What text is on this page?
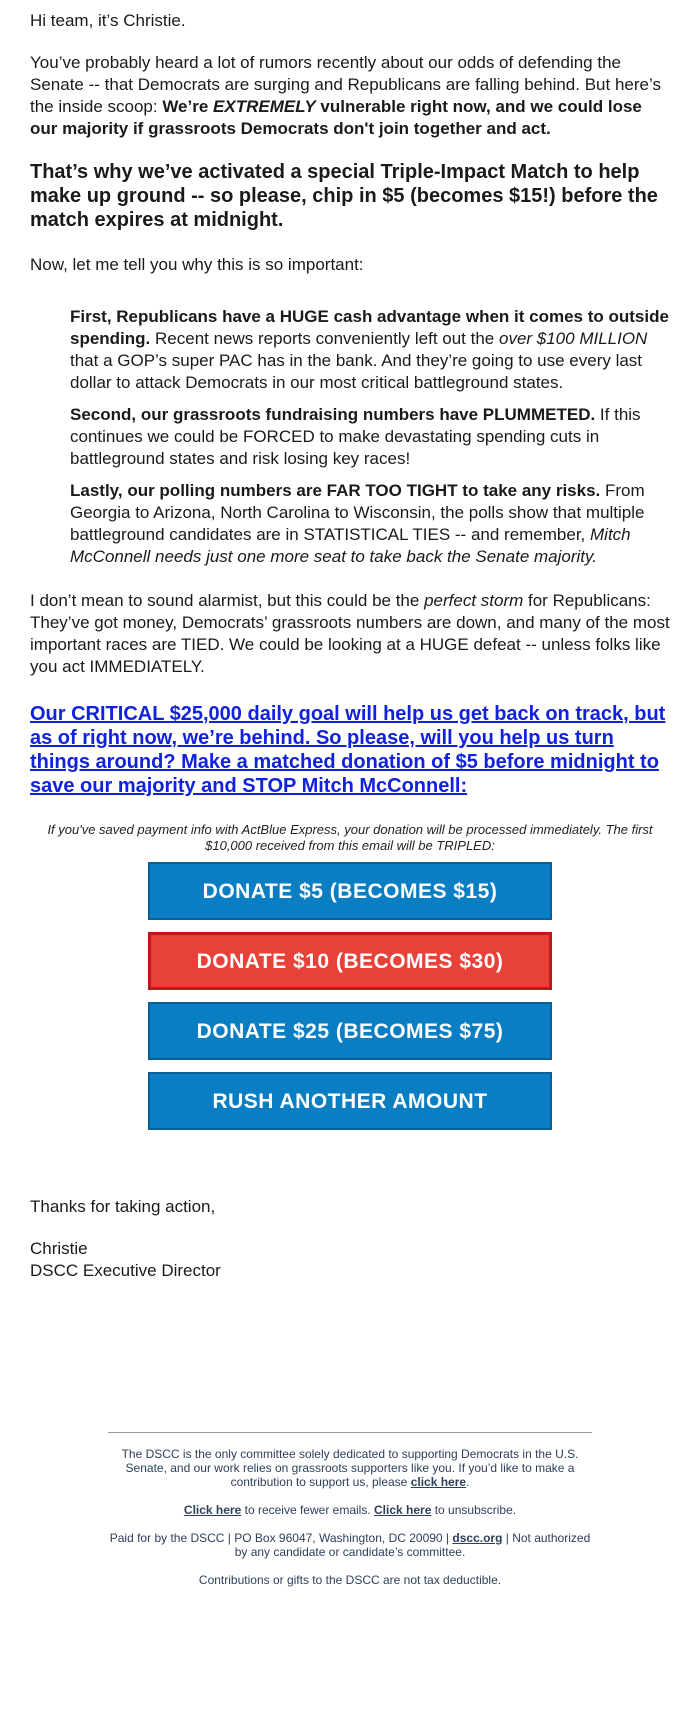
Hi team, it’s Christie.

You’ve probably heard a lot of rumors recently about our odds of defending the Senate -- that Democrats are surging and Republicans are falling behind. But here’s the inside scoop: We’re EXTREMELY vulnerable right now, and we could lose our majority if grassroots Democrats don't join together and act.

That’s why we’ve activated a special Triple-Impact Match to help make up ground -- so please, chip in $5 (becomes $15!) before the match expires at midnight.

Now, let me tell you why this is so important:

First, Republicans have a HUGE cash advantage when it comes to outside spending. Recent news reports conveniently left out the over $100 MILLION that a GOP’s super PAC has in the bank. And they’re going to use every last dollar to attack Democrats in our most critical battleground states.

Second, our grassroots fundraising numbers have PLUMMETED. If this continues we could be FORCED to make devastating spending cuts in battleground states and risk losing key races!

Lastly, our polling numbers are FAR TOO TIGHT to take any risks. From Georgia to Arizona, North Carolina to Wisconsin, the polls show that multiple battleground candidates are in STATISTICAL TIES -- and remember, Mitch McConnell needs just one more seat to take back the Senate majority.

I don’t mean to sound alarmist, but this could be the perfect storm for Republicans: They’ve got money, Democrats’ grassroots numbers are down, and many of the most important races are TIED. We could be looking at a HUGE defeat -- unless folks like you act IMMEDIATELY.

Our CRITICAL $25,000 daily goal will help us get back on track, but as of right now, we’re behind. So please, will you help us turn things around? Make a matched donation of $5 before midnight to save our majority and STOP Mitch McConnell:

If you've saved payment info with ActBlue Express, your donation will be processed immediately. The first $10,000 received from this email will be TRIPLED:

DONATE $5 (BECOMES $15)
DONATE $10 (BECOMES $30)
DONATE $25 (BECOMES $75)
RUSH ANOTHER AMOUNT

Thanks for taking action,

Christie

DSCC Executive Director

The DSCC is the only committee solely dedicated to supporting Democrats in the U.S. Senate, and our work relies on grassroots supporters like you. If you’d like to make a contribution to support us, please click here.

Click here to receive fewer emails. Click here to unsubscribe.

Paid for by the DSCC | PO Box 96047, Washington, DC 20090 | dscc.org | Not authorized by any candidate or candidate’s committee.

Contributions or gifts to the DSCC are not tax deductible.
